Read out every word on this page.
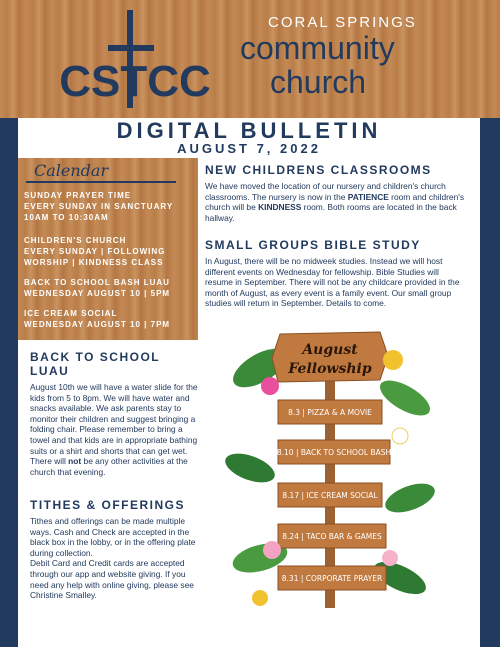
CSTCC
CORAL SPRINGS
community
church
DIGITAL BULLETIN
AUGUST 7, 2022
Calendar
SUNDAY PRAYER TIME
EVERY SUNDAY IN SANCTUARY
10AM TO 10:30AM
CHILDREN'S CHURCH
EVERY SUNDAY | FOLLOWING
WORSHIP | KINDNESS CLASS
BACK TO SCHOOL BASH LUAU
WEDNESDAY AUGUST 10 | 5PM
ICE CREAM SOCIAL
WEDNESDAY AUGUST 10 | 7PM
NEW CHILDRENS CLASSROOMS

We have moved the location of our nursery and children's church classrooms. The nursery is now in the PATIENCE room and children's church will be KINDNESS room. Both rooms are located in the back hallway.

SMALL GROUPS BIBLE STUDY

In August, there will be no midweek studies. Instead we will host different events on Wednesday for fellowship. Bible Studies will resume in September. There will not be any childcare provided in the month of August, as every event is a family event. Our small group studies will return in September. Details to come.

BACK TO SCHOOL LUAU

August 10th we will have a water slide for the kids from 5 to 8pm. We will have water and snacks available. We ask parents stay to monitor their children and suggest bringing a folding chair. Please remember to bring a towel and that kids are in appropriate bathing suits or a shirt and shorts that can get wet. There will not be any other activities at the church that evening.

TITHES & OFFERINGS

Tithes and offerings can be made multiple ways. Cash and Check are accepted in the black box in the lobby, or in the offering plate during collection.

Debit Card and Credit cards are accepted through our app and website giving. If you need any help with online giving, please see Christine Smalley.

August
Fellowship
8.3 | PIZZA & A MOVIE
8.10 | BACK TO SCHOOL BASH
8.17 | ICE CREAM SOCIAL
8.24 | TACO BAR & GAMES
8.31 | CORPORATE PRAYER
